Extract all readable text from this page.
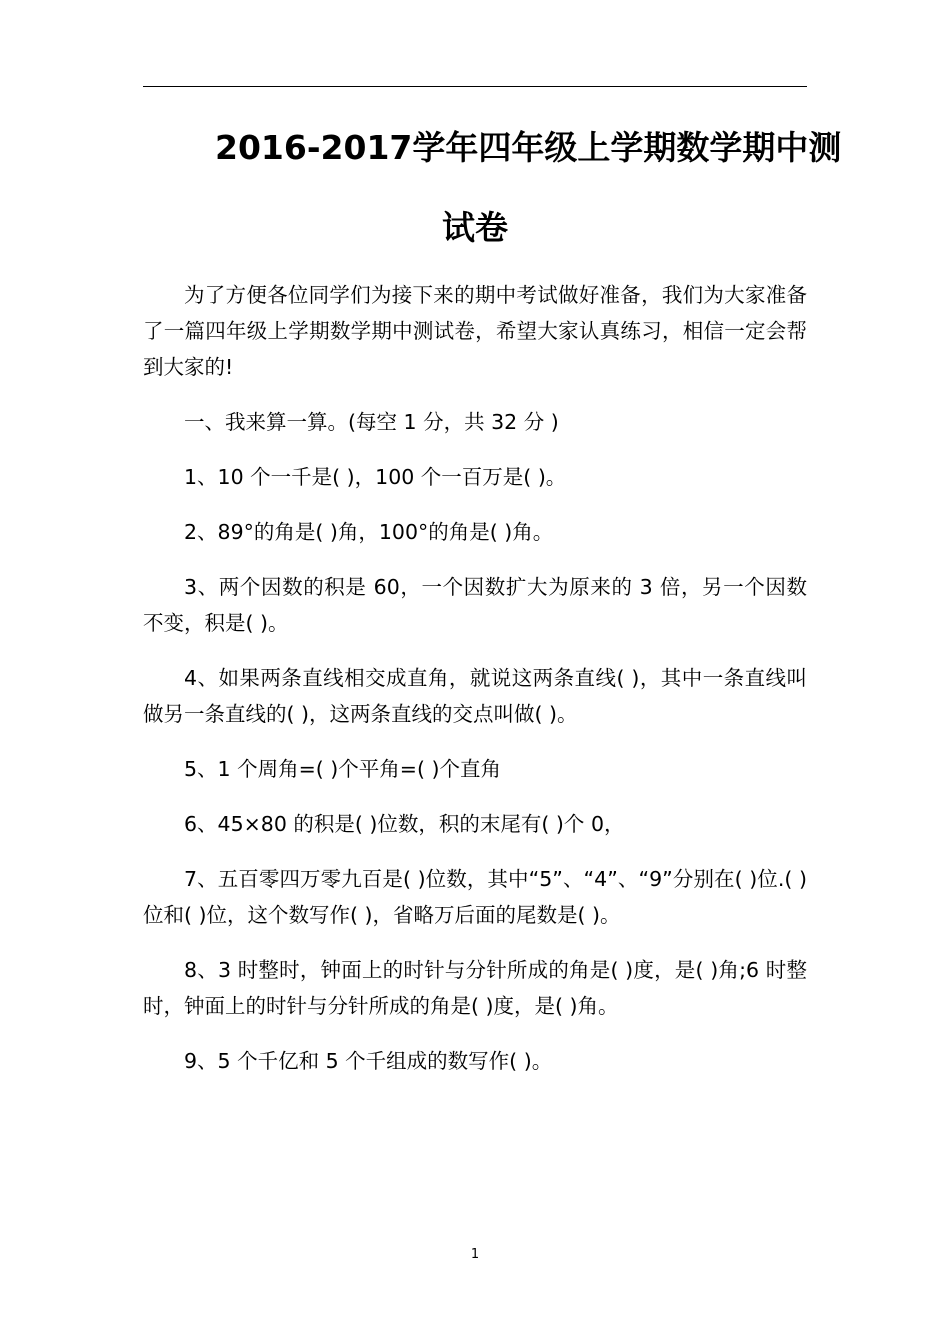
2016-2017学年四年级上学期数学期中测
试卷

为了方便各位同学们为接下来的期中考试做好准备，我们为大家准备了一篇四年级上学期数学期中测试卷，希望大家认真练习，相信一定会帮到大家的!

一、我来算一算。(每空 1 分，共 32 分 )

1、10 个一千是( )，100 个一百万是( )。

2、89°的角是( )角，100°的角是( )角。

3、两个因数的积是 60，一个因数扩大为原来的 3 倍，另一个因数不变，积是( )。

4、如果两条直线相交成直角，就说这两条直线( )，其中一条直线叫做另一条直线的( )，这两条直线的交点叫做( )。

5、1 个周角=( )个平角=( )个直角

6、45×80 的积是( )位数，积的末尾有( )个 0，

7、五百零四万零九百是( )位数，其中“5”、“4”、“9”分别在( )位.( ) 位和( )位，这个数写作( )，省略万后面的尾数是( )。

8、3 时整时，钟面上的时针与分针所成的角是( )度，是( )角;6 时整时，钟面上的时针与分针所成的角是( )度，是( )角。

9、5 个千亿和 5 个千组成的数写作( )。

1
